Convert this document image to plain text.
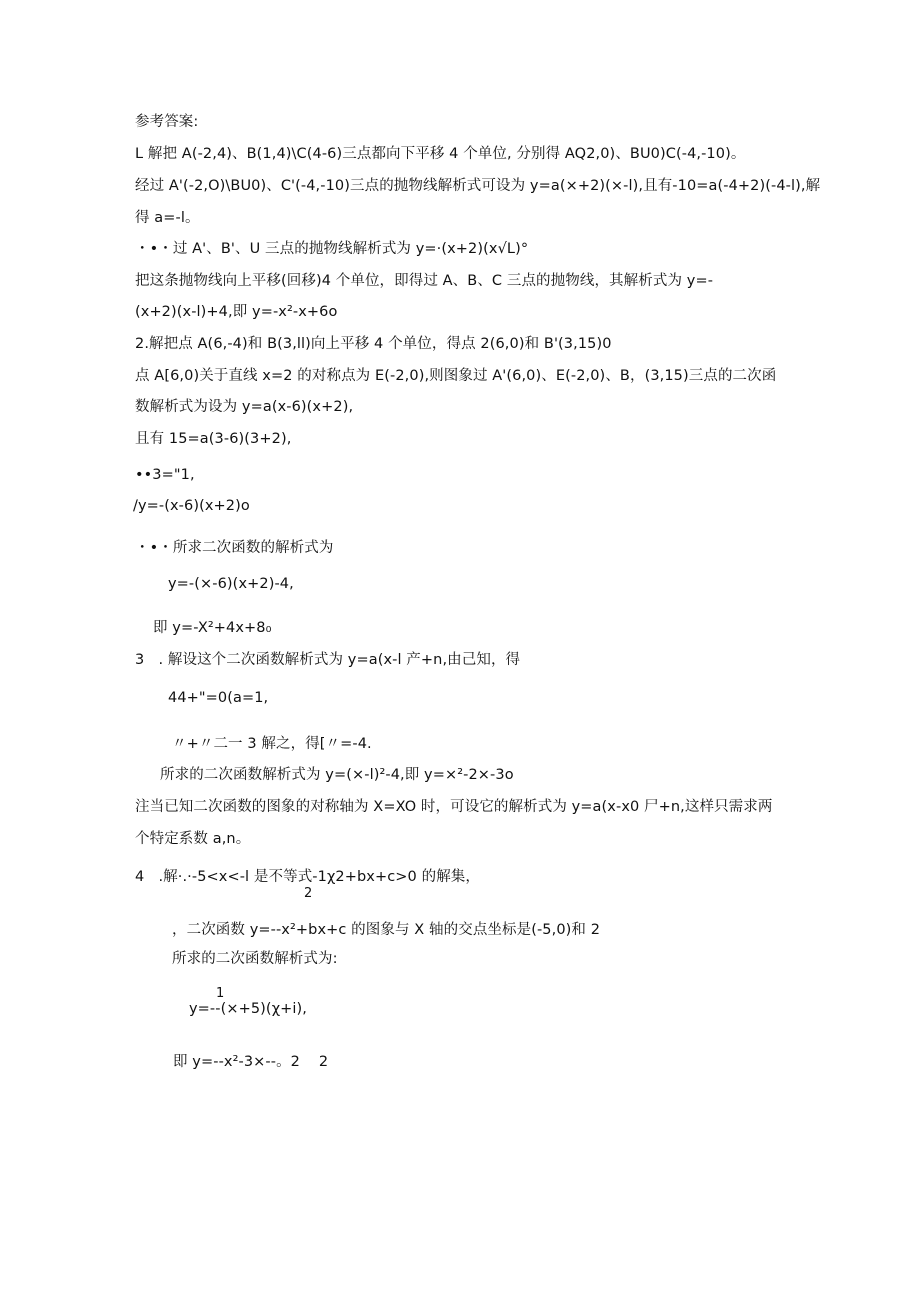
参考答案:
L 解把 A(-2,4)、B(1,4)\C(4-6)三点都向下平移 4 个单位, 分别得 AQ2,0)、BU0)C(-4,-10)。
经过 A'(-2,O)\BU0)、C'(-4,-10)三点的抛物线解析式可设为 y=a(×+2)(×-l),且有-10=a(-4+2)(-4-l),解
得 a=-l。
・•・过 A'、B'、U 三点的抛物线解析式为 y=·(x+2)(x√L)°
把这条抛物线向上平移(回移)4 个单位，即得过 A、B、C 三点的抛物线，其解析式为 y=-
(x+2)(x-l)+4,即 y=-x²-x+6o
2.解把点 A(6,-4)和 B(3,ll)向上平移 4 个单位，得点 2(6,0)和 B'(3,15)0
点 A[6,0)关于直线 x=2 的对称点为 E(-2,0),则图象过 A'(6,0)、E(-2,0)、B，(3,15)三点的二次函
数解析式为设为 y=a(x-6)(x+2),
且有 15=a(3-6)(3+2),
••3="1,
∕y=-(x-6)(x+2)o
・•・所求二次函数的解析式为
y=-(×-6)(x+2)-4,
即 y=-X²+4x+8₀
3   . 解设这个二次函数解析式为 y=a(x-l 产+n,由己知，得
44+"=0(a=1,
〃+〃二一 3 解之，得[〃=-4.
所求的二次函数解析式为 y=(×-l)²-4,即 y=×²-2×-3o
注当已知二次函数的图象的对称轴为 X=XO 时，可设它的解析式为 y=a(x-x0 尸+n,这样只需求两
个特定系数 a,n。
4   .解·.·-5<x<-l 是不等式-1χ2+bx+c>0 的解集，
2
，二次函数 y=--x²+bx+c 的图象与 X 轴的交点坐标是(-5,0)和 2
所求的二次函数解析式为:
1
y=--(×+5)(χ+i),
即 y=--x²-3×--。2    2
